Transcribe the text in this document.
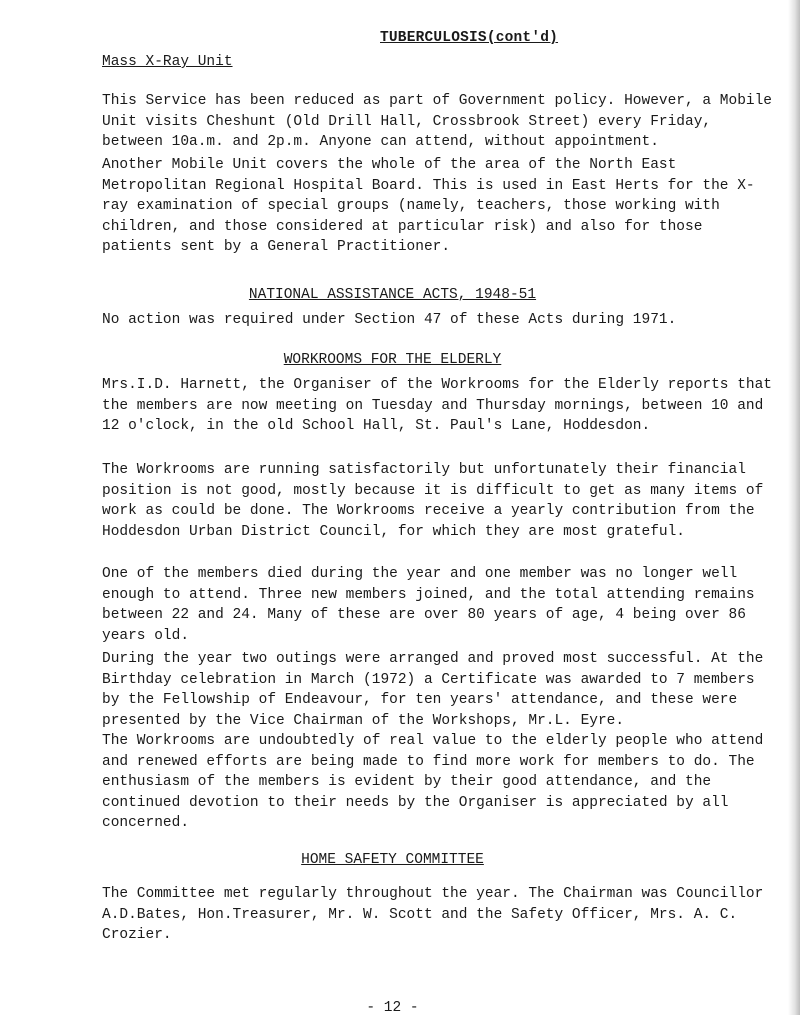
TUBERCULOSIS(cont'd)
Mass X-Ray Unit

This Service has been reduced as part of Government policy. However, a Mobile Unit visits Cheshunt (Old Drill Hall, Crossbrook Street) every Friday, between 10a.m. and 2p.m. Anyone can attend, without appointment.

Another Mobile Unit covers the whole of the area of the North East Metropolitan Regional Hospital Board. This is used in East Herts for the X-ray examination of special groups (namely, teachers, those working with children, and those considered at particular risk) and also for those patients sent by a General Practitioner.

NATIONAL ASSISTANCE ACTS, 1948-51

No action was required under Section 47 of these Acts during 1971.

WORKROOMS FOR THE ELDERLY

Mrs.I.D. Harnett, the Organiser of the Workrooms for the Elderly reports that the members are now meeting on Tuesday and Thursday mornings, between 10 and 12 o'clock, in the old School Hall, St. Paul's Lane, Hoddesdon.

The Workrooms are running satisfactorily but unfortunately their financial position is not good, mostly because it is difficult to get as many items of work as could be done. The Workrooms receive a yearly contribution from the Hoddesdon Urban District Council, for which they are most grateful.

One of the members died during the year and one member was no longer well enough to attend. Three new members joined, and the total attending remains between 22 and 24. Many of these are over 80 years of age, 4 being over 86 years old.

During the year two outings were arranged and proved most successful. At the Birthday celebration in March (1972) a Certificate was awarded to 7 members by the Fellowship of Endeavour, for ten years' attendance, and these were presented by the Vice Chairman of the Workshops, Mr.L. Eyre.

The Workrooms are undoubtedly of real value to the elderly people who attend and renewed efforts are being made to find more work for members to do. The enthusiasm of the members is evident by their good attendance, and the continued devotion to their needs by the Organiser is appreciated by all concerned.

HOME SAFETY COMMITTEE

The Committee met regularly throughout the year. The Chairman was Councillor A.D.Bates, Hon.Treasurer, Mr. W. Scott and the Safety Officer, Mrs. A. C. Crozier.

- 12 -
